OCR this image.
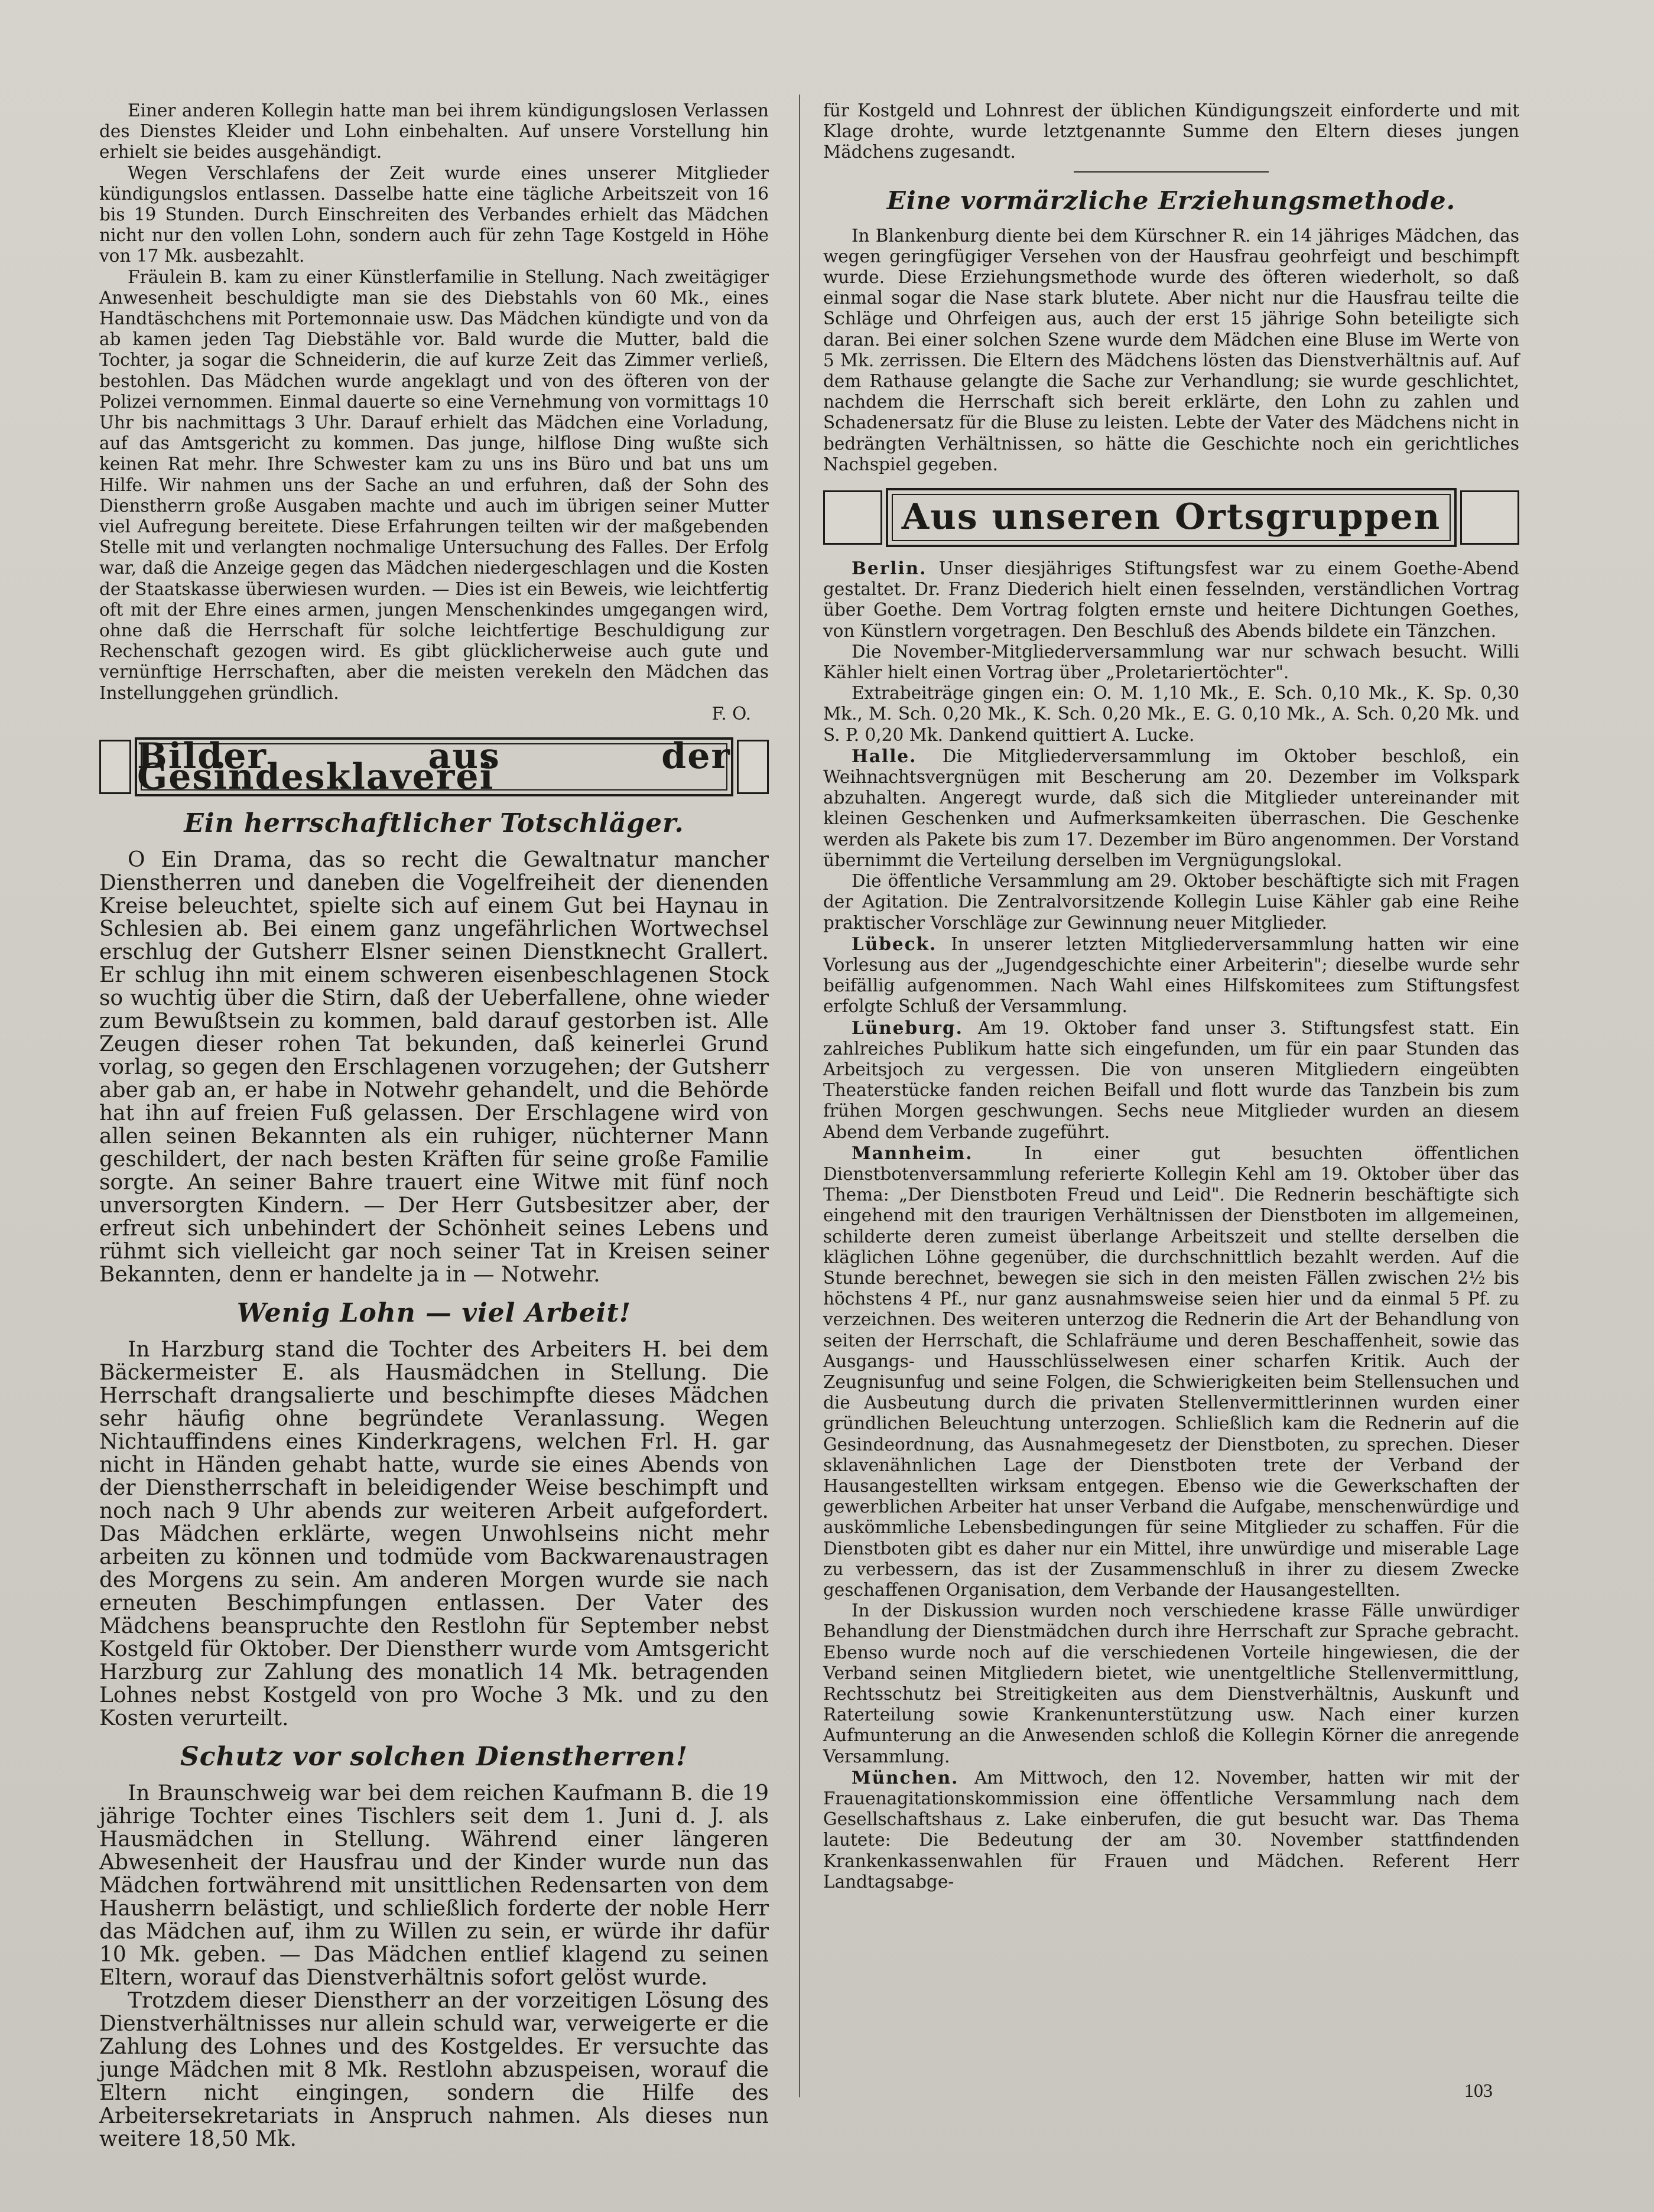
Einer anderen Kollegin hatte man bei ihrem kündigungslosen Verlassen des Dienstes Kleider und Lohn einbehalten. Auf unsere Vorstellung hin erhielt sie beides ausgehändigt.

Wegen Verschlafens der Zeit wurde eines unserer Mitglieder kündigungslos entlassen. Dasselbe hatte eine tägliche Arbeitszeit von 16 bis 19 Stunden. Durch Einschreiten des Verbandes erhielt das Mädchen nicht nur den vollen Lohn, sondern auch für zehn Tage Kostgeld in Höhe von 17 Mk. ausbezahlt.

Fräulein B. kam zu einer Künstlerfamilie in Stellung. Nach zweitägiger Anwesenheit beschuldigte man sie des Diebstahls von 60 Mk., eines Handtäschchens mit Portemonnaie usw. Das Mädchen kündigte und von da ab kamen jeden Tag Diebstähle vor. Bald wurde die Mutter, bald die Tochter, ja sogar die Schneiderin, die auf kurze Zeit das Zimmer verließ, bestohlen. Das Mädchen wurde angeklagt und von des öfteren von der Polizei vernommen. Einmal dauerte so eine Vernehmung von vormittags 10 Uhr bis nachmittags 3 Uhr. Darauf erhielt das Mädchen eine Vorladung, auf das Amtsgericht zu kommen. Das junge, hilflose Ding wußte sich keinen Rat mehr. Ihre Schwester kam zu uns ins Büro und bat uns um Hilfe. Wir nahmen uns der Sache an und erfuhren, daß der Sohn des Dienstherrn große Ausgaben machte und auch im übrigen seiner Mutter viel Aufregung bereitete. Diese Erfahrungen teilten wir der maßgebenden Stelle mit und verlangten nochmalige Untersuchung des Falles. Der Erfolg war, daß die Anzeige gegen das Mädchen niedergeschlagen und die Kosten der Staatskasse überwiesen wurden. — Dies ist ein Beweis, wie leichtfertig oft mit der Ehre eines armen, jungen Menschenkindes umgegangen wird, ohne daß die Herrschaft für solche leichtfertige Beschuldigung zur Rechenschaft gezogen wird. Es gibt glücklicherweise auch gute und vernünftige Herrschaften, aber die meisten verekeln den Mädchen das Instellunggehen gründlich.

F. O.
Bilder aus der Gesindesklaverei
Ein herrschaftlicher Totschläger.

O Ein Drama, das so recht die Gewaltnatur mancher Dienstherren und daneben die Vogelfreiheit der dienenden Kreise beleuchtet, spielte sich auf einem Gut bei Haynau in Schlesien ab. Bei einem ganz ungefährlichen Wortwechsel erschlug der Gutsherr Elsner seinen Dienstknecht Grallert. Er schlug ihn mit einem schweren eisenbeschlagenen Stock so wuchtig über die Stirn, daß der Ueberfallene, ohne wieder zum Bewußtsein zu kommen, bald darauf gestorben ist. Alle Zeugen dieser rohen Tat bekunden, daß keinerlei Grund vorlag, so gegen den Erschlagenen vorzugehen; der Gutsherr aber gab an, er habe in Notwehr gehandelt, und die Behörde hat ihn auf freien Fuß gelassen. Der Erschlagene wird von allen seinen Bekannten als ein ruhiger, nüchterner Mann geschildert, der nach besten Kräften für seine große Familie sorgte. An seiner Bahre trauert eine Witwe mit fünf noch unversorgten Kindern. — Der Herr Gutsbesitzer aber, der erfreut sich unbehindert der Schönheit seines Lebens und rühmt sich vielleicht gar noch seiner Tat in Kreisen seiner Bekannten, denn er handelte ja in — Notwehr.

Wenig Lohn — viel Arbeit!

In Harzburg stand die Tochter des Arbeiters H. bei dem Bäckermeister E. als Hausmädchen in Stellung. Die Herrschaft drangsalierte und beschimpfte dieses Mädchen sehr häufig ohne begründete Veranlassung. Wegen Nichtauffindens eines Kinderkragens, welchen Frl. H. gar nicht in Händen gehabt hatte, wurde sie eines Abends von der Dienstherrschaft in beleidigender Weise beschimpft und noch nach 9 Uhr abends zur weiteren Arbeit aufgefordert. Das Mädchen erklärte, wegen Unwohlseins nicht mehr arbeiten zu können und todmüde vom Backwarenaustragen des Morgens zu sein. Am anderen Morgen wurde sie nach erneuten Beschimpfungen entlassen. Der Vater des Mädchens beanspruchte den Restlohn für September nebst Kostgeld für Oktober. Der Dienstherr wurde vom Amtsgericht Harzburg zur Zahlung des monatlich 14 Mk. betragenden Lohnes nebst Kostgeld von pro Woche 3 Mk. und zu den Kosten verurteilt.

Schutz vor solchen Dienstherren!

In Braunschweig war bei dem reichen Kaufmann B. die 19 jährige Tochter eines Tischlers seit dem 1. Juni d. J. als Hausmädchen in Stellung. Während einer längeren Abwesenheit der Hausfrau und der Kinder wurde nun das Mädchen fortwährend mit unsittlichen Redensarten von dem Hausherrn belästigt, und schließlich forderte der noble Herr das Mädchen auf, ihm zu Willen zu sein, er würde ihr dafür 10 Mk. geben. — Das Mädchen entlief klagend zu seinen Eltern, worauf das Dienstverhältnis sofort gelöst wurde.

Trotzdem dieser Dienstherr an der vorzeitigen Lösung des Dienstverhältnisses nur allein schuld war, verweigerte er die Zahlung des Lohnes und des Kostgeldes. Er versuchte das junge Mädchen mit 8 Mk. Restlohn abzuspeisen, worauf die Eltern nicht eingingen, sondern die Hilfe des Arbeitersekretariats in Anspruch nahmen. Als dieses nun weitere 18,50 Mk.

für Kostgeld und Lohnrest der üblichen Kündigungszeit einforderte und mit Klage drohte, wurde letztgenannte Summe den Eltern dieses jungen Mädchens zugesandt.

Eine vormärzliche Erziehungsmethode.

In Blankenburg diente bei dem Kürschner R. ein 14 jähriges Mädchen, das wegen geringfügiger Versehen von der Hausfrau geohrfeigt und beschimpft wurde. Diese Erziehungsmethode wurde des öfteren wiederholt, so daß einmal sogar die Nase stark blutete. Aber nicht nur die Hausfrau teilte die Schläge und Ohrfeigen aus, auch der erst 15 jährige Sohn beteiligte sich daran. Bei einer solchen Szene wurde dem Mädchen eine Bluse im Werte von 5 Mk. zerrissen. Die Eltern des Mädchens lösten das Dienstverhältnis auf. Auf dem Rathause gelangte die Sache zur Verhandlung; sie wurde geschlichtet, nachdem die Herrschaft sich bereit erklärte, den Lohn zu zahlen und Schadenersatz für die Bluse zu leisten. Lebte der Vater des Mädchens nicht in bedrängten Verhältnissen, so hätte die Geschichte noch ein gerichtliches Nachspiel gegeben.

Aus unseren Ortsgruppen

Berlin. Unser diesjähriges Stiftungsfest war zu einem Goethe-Abend gestaltet. Dr. Franz Diederich hielt einen fesselnden, verständlichen Vortrag über Goethe. Dem Vortrag folgten ernste und heitere Dichtungen Goethes, von Künstlern vorgetragen. Den Beschluß des Abends bildete ein Tänzchen.

Die November-Mitgliederversammlung war nur schwach besucht. Willi Kähler hielt einen Vortrag über „Proletariertöchter".

Extrabeiträge gingen ein: O. M. 1,10 Mk., E. Sch. 0,10 Mk., K. Sp. 0,30 Mk., M. Sch. 0,20 Mk., K. Sch. 0,20 Mk., E. G. 0,10 Mk., A. Sch. 0,20 Mk. und S. P. 0,20 Mk. Dankend quittiert A. Lucke.

Halle. Die Mitgliederversammlung im Oktober beschloß, ein Weihnachtsvergnügen mit Bescherung am 20. Dezember im Volkspark abzuhalten. Angeregt wurde, daß sich die Mitglieder untereinander mit kleinen Geschenken und Aufmerksamkeiten überraschen. Die Geschenke werden als Pakete bis zum 17. Dezember im Büro angenommen. Der Vorstand übernimmt die Verteilung derselben im Vergnügungslokal.

Die öffentliche Versammlung am 29. Oktober beschäftigte sich mit Fragen der Agitation. Die Zentralvorsitzende Kollegin Luise Kähler gab eine Reihe praktischer Vorschläge zur Gewinnung neuer Mitglieder.

Lübeck. In unserer letzten Mitgliederversammlung hatten wir eine Vorlesung aus der „Jugendgeschichte einer Arbeiterin"; dieselbe wurde sehr beifällig aufgenommen. Nach Wahl eines Hilfskomitees zum Stiftungsfest erfolgte Schluß der Versammlung.

Lüneburg. Am 19. Oktober fand unser 3. Stiftungsfest statt. Ein zahlreiches Publikum hatte sich eingefunden, um für ein paar Stunden das Arbeitsjoch zu vergessen. Die von unseren Mitgliedern eingeübten Theaterstücke fanden reichen Beifall und flott wurde das Tanzbein bis zum frühen Morgen geschwungen. Sechs neue Mitglieder wurden an diesem Abend dem Verbande zugeführt.

Mannheim.	In einer gut besuchten öffentlichen Dienstbotenversammlung referierte Kollegin Kehl am 19. Oktober über das Thema: „Der Dienstboten Freud und Leid". Die Rednerin beschäftigte sich eingehend mit den traurigen Verhältnissen der Dienstboten im allgemeinen, schilderte deren zumeist überlange Arbeitszeit und stellte derselben die kläglichen Löhne gegenüber, die durchschnittlich bezahlt werden. Auf die Stunde berechnet, bewegen sie sich in den meisten Fällen zwischen 2½ bis höchstens 4 Pf., nur ganz ausnahmsweise seien hier und da einmal 5 Pf. zu verzeichnen. Des weiteren unterzog die Rednerin die Art der Behandlung von seiten der Herrschaft, die Schlafräume und deren Beschaffenheit, sowie das Ausgangs- und Hausschlüsselwesen einer scharfen Kritik. Auch der Zeugnisunfug und seine Folgen, die Schwierigkeiten beim Stellensuchen und die Ausbeutung durch die privaten Stellenvermittlerinnen wurden einer gründlichen Beleuchtung unterzogen. Schließlich kam die Rednerin auf die Gesindeordnung, das Ausnahmegesetz der Dienstboten, zu sprechen. Dieser sklavenähnlichen Lage der Dienstboten trete der Verband der Hausangestellten wirksam entgegen. Ebenso wie die Gewerkschaften der gewerblichen Arbeiter hat unser Verband die Aufgabe, menschenwürdige und auskömmliche Lebensbedingungen für seine Mitglieder zu schaffen. Für die Dienstboten gibt es daher nur ein Mittel, ihre unwürdige und miserable Lage zu verbessern, das ist der Zusammenschluß in ihrer zu diesem Zwecke geschaffenen Organisation, dem Verbande der Hausangestellten.

In der Diskussion wurden noch verschiedene krasse Fälle unwürdiger Behandlung der Dienstmädchen durch ihre Herrschaft zur Sprache gebracht. Ebenso wurde noch auf die verschiedenen Vorteile hingewiesen, die der Verband seinen Mitgliedern bietet, wie unentgeltliche Stellenvermittlung, Rechtsschutz bei Streitigkeiten aus dem Dienstverhältnis, Auskunft und Raterteilung sowie Krankenunterstützung usw. Nach einer kurzen Aufmunterung an die Anwesenden schloß die Kollegin Körner die anregende Versammlung.

München. Am Mittwoch, den 12. November, hatten wir mit der Frauenagitationskommission eine öffentliche Versammlung nach dem Gesellschaftshaus z. Lake einberufen, die gut besucht war. Das Thema lautete: Die Bedeutung der am 30. November stattfindenden Krankenkassenwahlen für Frauen und Mädchen. Referent Herr Landtagsabge-

103
